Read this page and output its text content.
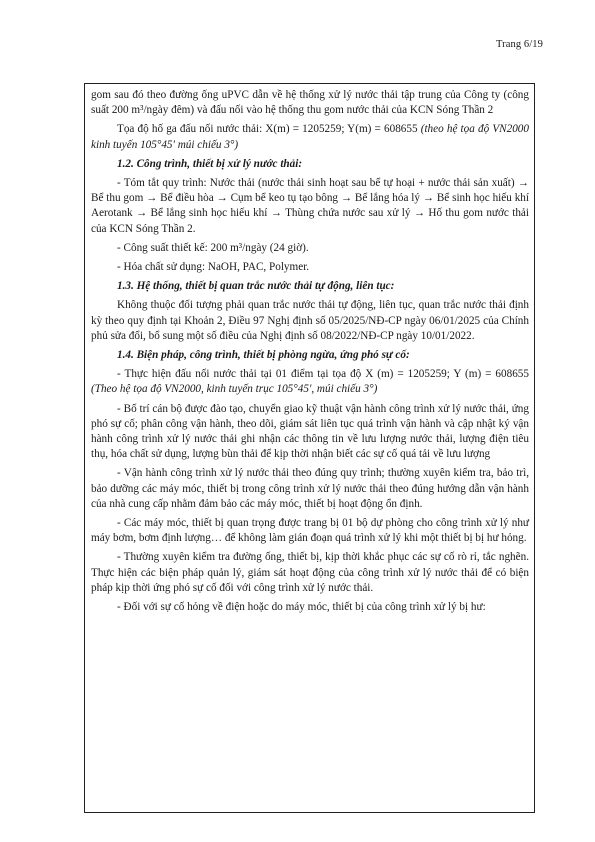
Trang 6/19

gom sau đó theo đường ống uPVC dẫn về hệ thống xử lý nước thải tập trung của Công ty (công suất 200 m³/ngày đêm) và đấu nối vào hệ thống thu gom nước thải của KCN Sóng Thần 2

Tọa độ hố ga đấu nối nước thải: X(m) = 1205259; Y(m) = 608655 (theo hệ tọa độ VN2000 kinh tuyến 105°45' múi chiếu 3°)

1.2. Công trình, thiết bị xử lý nước thải:

- Tóm tắt quy trình: Nước thải (nước thải sinh hoạt sau bể tự hoại + nước thải sản xuất) → Bể thu gom → Bể điều hòa → Cụm bể keo tụ tạo bông → Bể lắng hóa lý → Bể sinh học hiếu khí Aerotank → Bể lắng sinh học hiếu khí → Thùng chứa nước sau xử lý → Hố thu gom nước thải của KCN Sóng Thần 2.

- Công suất thiết kế: 200 m³/ngày (24 giờ).

- Hóa chất sử dụng: NaOH, PAC, Polymer.

1.3. Hệ thống, thiết bị quan trắc nước thải tự động, liên tục:

Không thuộc đối tượng phải quan trắc nước thải tự động, liên tục, quan trắc nước thải định kỳ theo quy định tại Khoản 2, Điều 97 Nghị định số 05/2025/NĐ-CP ngày 06/01/2025 của Chính phủ sửa đổi, bổ sung một số điều của Nghị định số 08/2022/NĐ-CP ngày 10/01/2022.

1.4. Biện pháp, công trình, thiết bị phòng ngừa, ứng phó sự cố:

- Thực hiện đấu nối nước thải tại 01 điểm tại tọa độ X (m) = 1205259; Y (m) = 608655 (Theo hệ tọa độ VN2000, kinh tuyến trục 105°45', múi chiếu 3°)

- Bố trí cán bộ được đào tạo, chuyển giao kỹ thuật vận hành công trình xử lý nước thải, ứng phó sự cố; phân công vận hành, theo dõi, giám sát liên tục quá trình vận hành và cập nhật ký vận hành công trình xử lý nước thải ghi nhận các thông tin về lưu lượng nước thải, lượng điện tiêu thụ, hóa chất sử dụng, lượng bùn thải để kịp thời nhận biết các sự cố quá tải về lưu lượng

- Vận hành công trình xử lý nước thải theo đúng quy trình; thường xuyên kiểm tra, bảo trì, bảo dưỡng các máy móc, thiết bị trong công trình xử lý nước thải theo đúng hướng dẫn vận hành của nhà cung cấp nhằm đảm bảo các máy móc, thiết bị hoạt động ổn định.

- Các máy móc, thiết bị quan trọng được trang bị 01 bộ dự phòng cho công trình xử lý như máy bơm, bơm định lượng… để không làm gián đoạn quá trình xử lý khi một thiết bị bị hư hỏng.

- Thường xuyên kiểm tra đường ống, thiết bị, kịp thời khắc phục các sự cố rò rỉ, tắc nghẽn. Thực hiện các biện pháp quản lý, giám sát hoạt động của công trình xử lý nước thải để có biện pháp kịp thời ứng phó sự cố đối với công trình xử lý nước thải.

- Đối với sự cố hỏng về điện hoặc do máy móc, thiết bị của công trình xử lý bị hư:
